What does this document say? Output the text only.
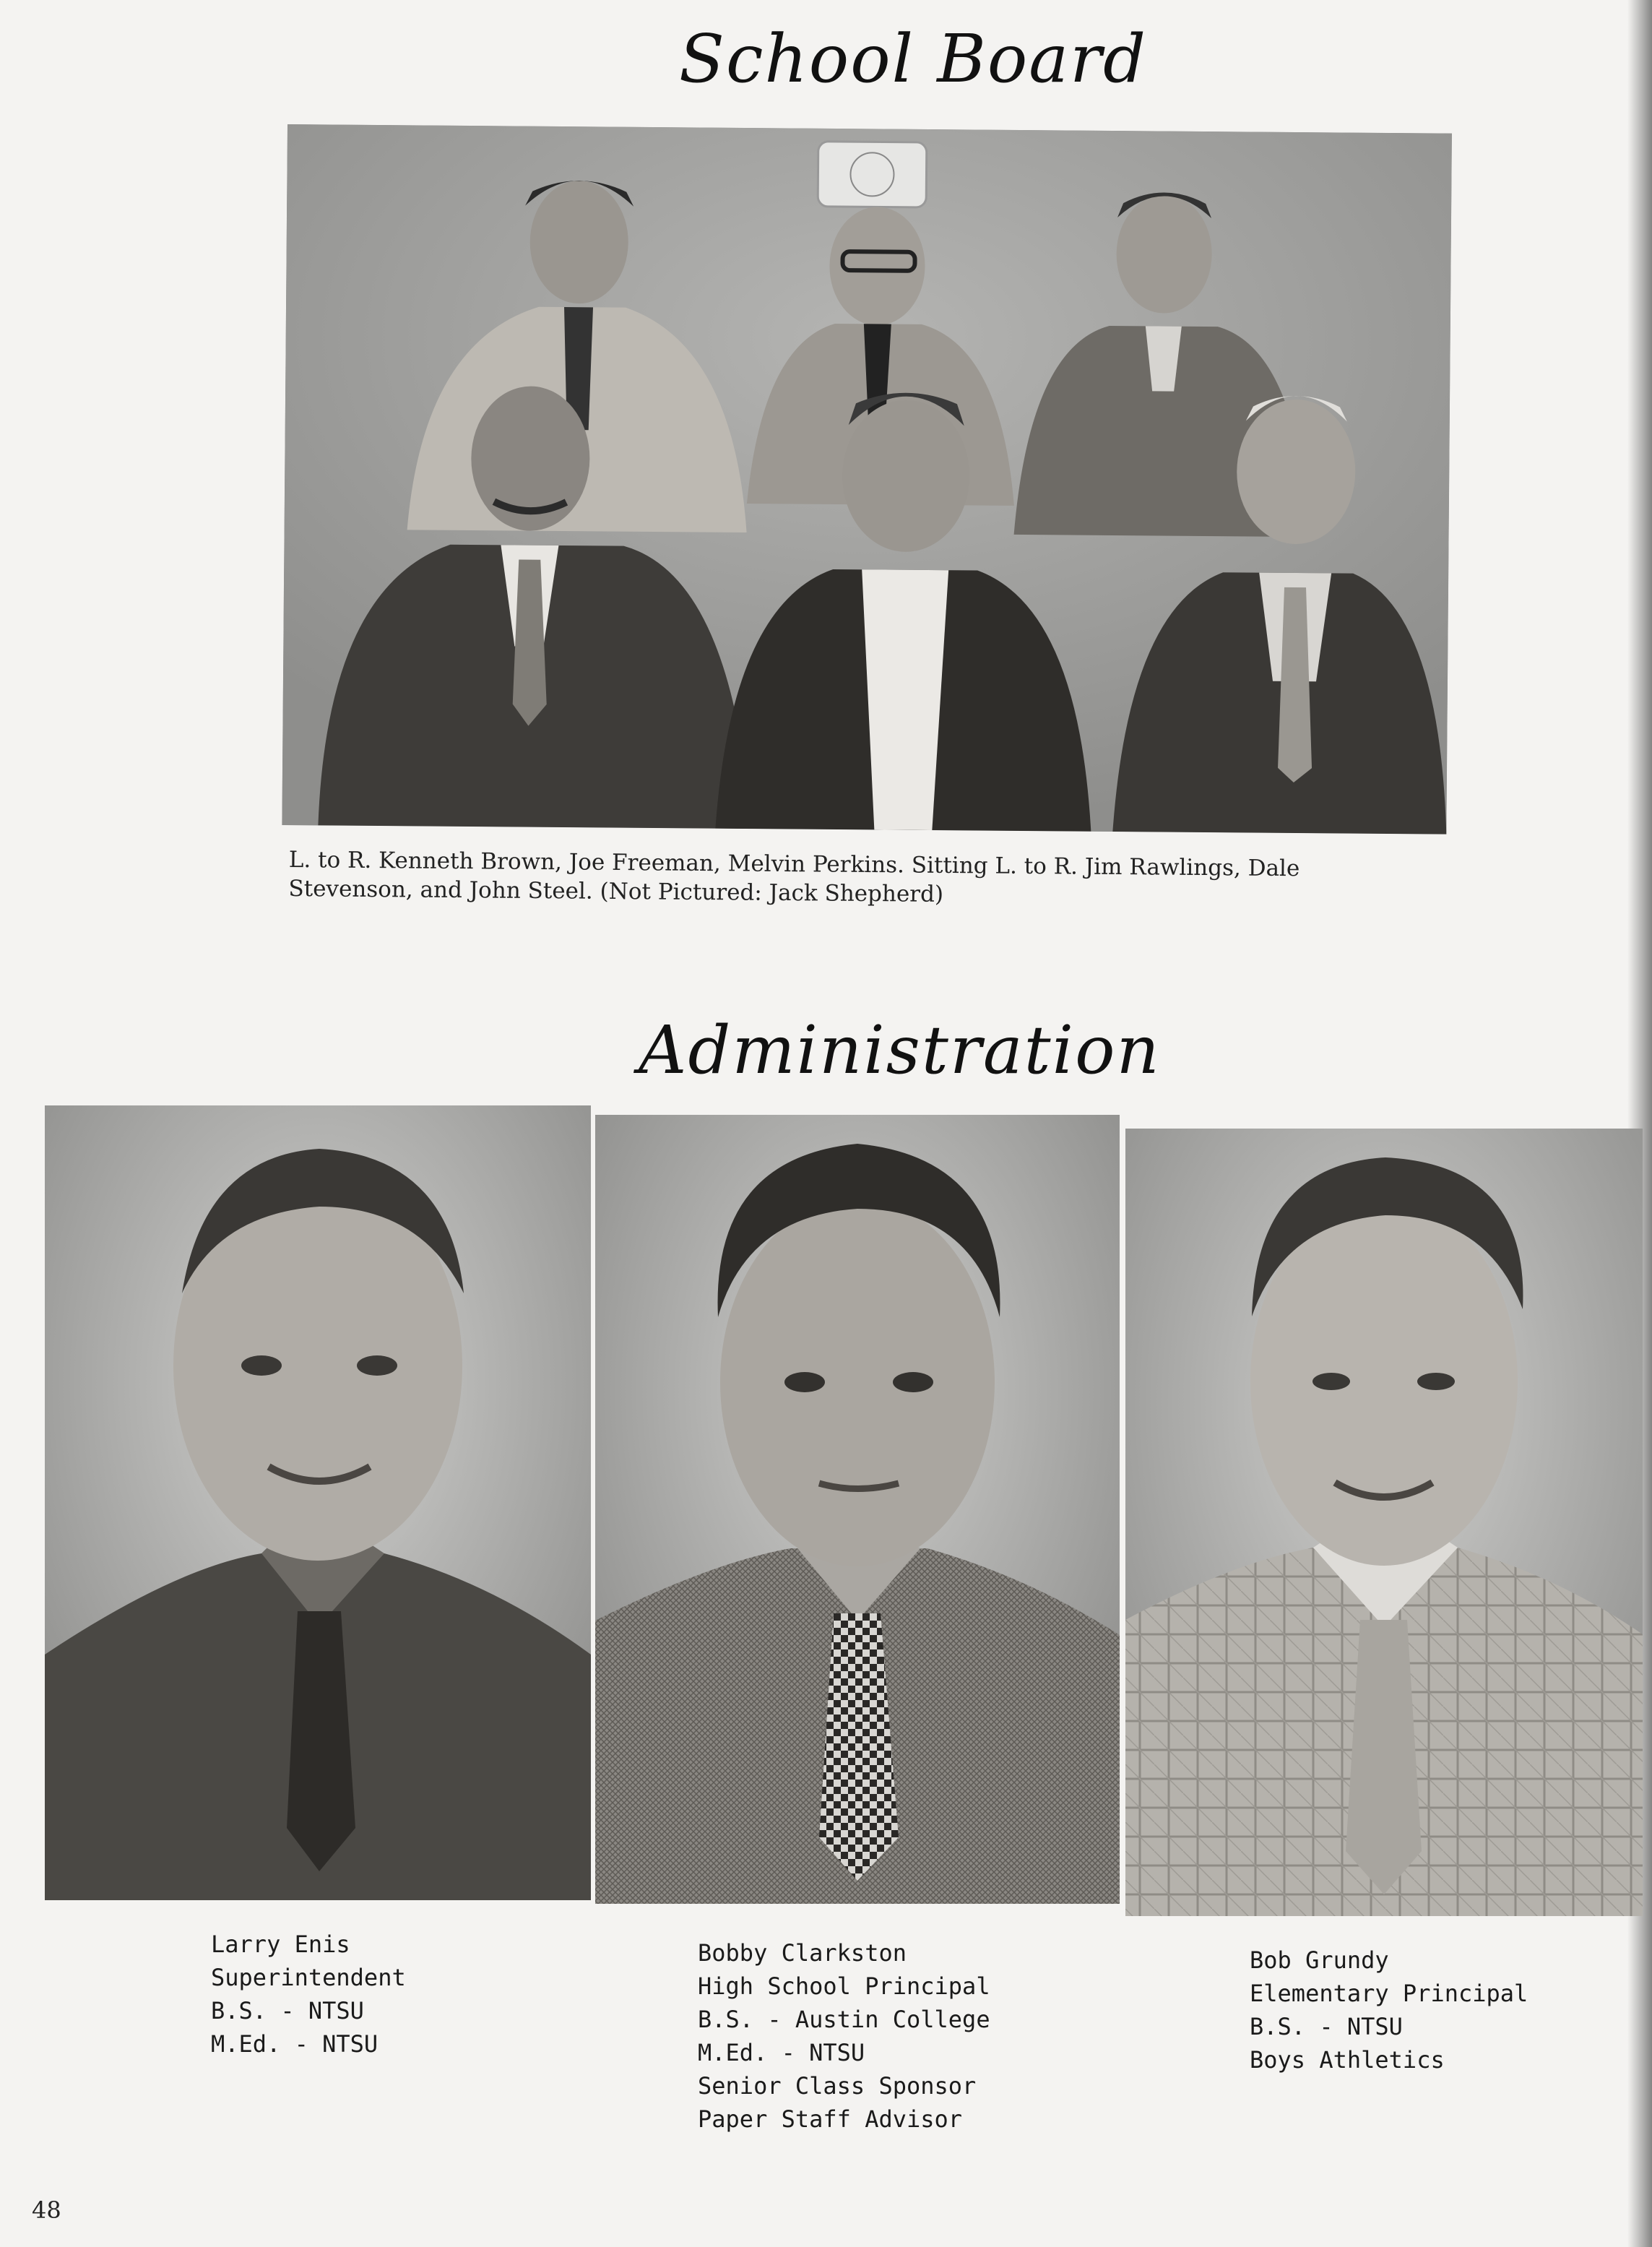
School Board

L. to R. Kenneth Brown, Joe Freeman, Melvin Perkins. Sitting L. to R. Jim Rawlings, Dale
Stevenson, and John Steel. (Not Pictured: Jack Shepherd)

Administration
Larry Enis
Superintendent
B.S. - NTSU
M.Ed. - NTSU
Bobby Clarkston
High School Principal
B.S. - Austin College
M.Ed. - NTSU
Senior Class Sponsor
Paper Staff Advisor
Bob Grundy
Elementary Principal
B.S. - NTSU
Boys Athletics
48
